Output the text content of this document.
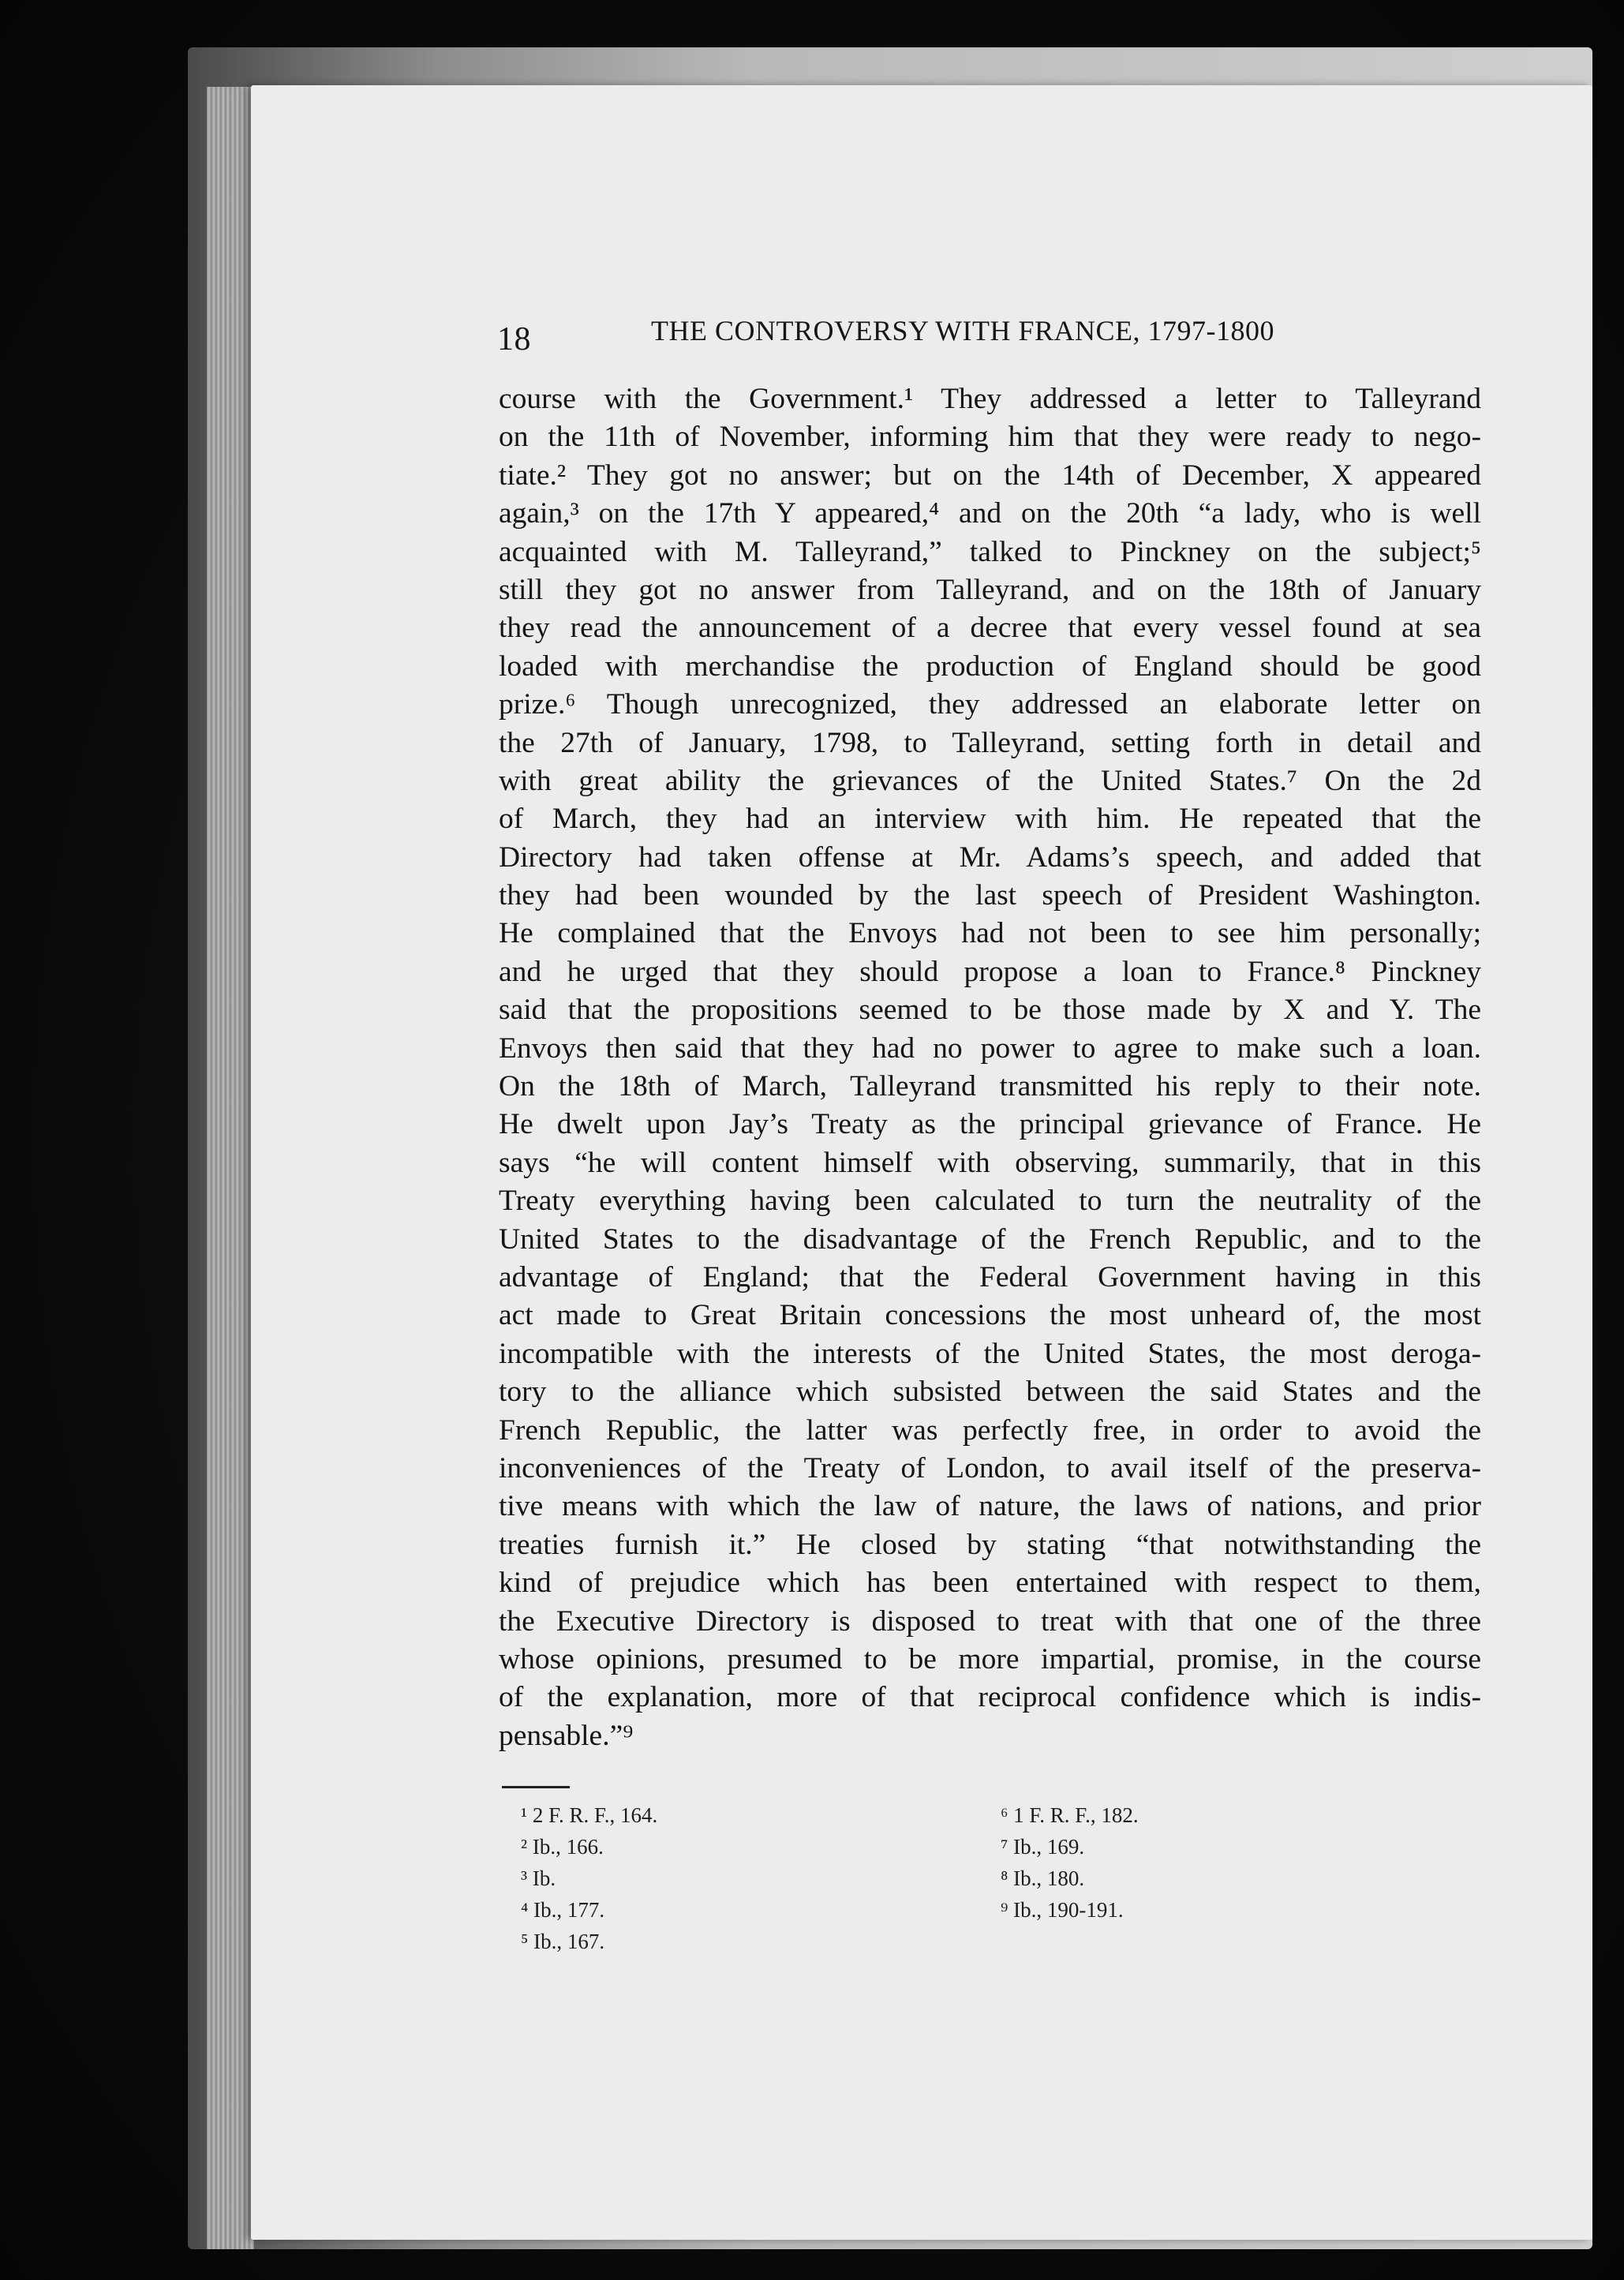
18	THE CONTROVERSY WITH FRANCE, 1797-1800
course with the Government.¹ They addressed a letter to Talleyrand
on the 11th of November, informing him that they were ready to nego-
tiate.² They got no answer; but on the 14th of December, X appeared
again,³ on the 17th Y appeared,⁴ and on the 20th “a lady, who is well
acquainted with M. Talleyrand,” talked to Pinckney on the subject;⁵
still they got no answer from Talleyrand, and on the 18th of January
they read the announcement of a decree that every vessel found at sea
loaded with merchandise the production of England should be good
prize.⁶ Though unrecognized, they addressed an elaborate letter on
the 27th of January, 1798, to Talleyrand, setting forth in detail and
with great ability the grievances of the United States.⁷ On the 2d
of March, they had an interview with him. He repeated that the
Directory had taken offense at Mr. Adams’s speech, and added that
they had been wounded by the last speech of President Washington.
He complained that the Envoys had not been to see him personally;
and he urged that they should propose a loan to France.⁸ Pinckney
said that the propositions seemed to be those made by X and Y. The
Envoys then said that they had no power to agree to make such a loan.
On the 18th of March, Talleyrand transmitted his reply to their note.
He dwelt upon Jay’s Treaty as the principal grievance of France. He
says “he will content himself with observing, summarily, that in this
Treaty everything having been calculated to turn the neutrality of the
United States to the disadvantage of the French Republic, and to the
advantage of England; that the Federal Government having in this
act made to Great Britain concessions the most unheard of, the most
incompatible with the interests of the United States, the most deroga-
tory to the alliance which subsisted between the said States and the
French Republic, the latter was perfectly free, in order to avoid the
inconveniences of the Treaty of London, to avail itself of the preserva-
tive means with which the law of nature, the laws of nations, and prior
treaties furnish it.” He closed by stating “that notwithstanding the
kind of prejudice which has been entertained with respect to them,
the Executive Directory is disposed to treat with that one of the three
whose opinions, presumed to be more impartial, promise, in the course
of the explanation, more of that reciprocal confidence which is indis-
pensable.”⁹
¹ 2 F. R. F., 164.
² Ib., 166.
³ Ib.
⁴ Ib., 177.
⁵ Ib., 167.
⁶ 1 F. R. F., 182.
⁷ Ib., 169.
⁸ Ib., 180.
⁹ Ib., 190-191.
